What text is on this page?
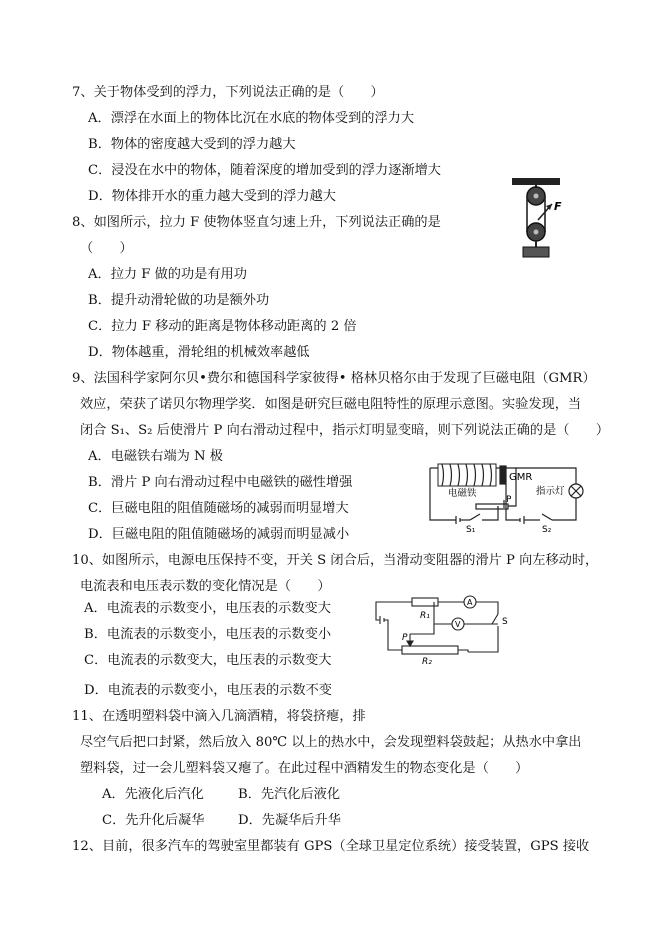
7、关于物体受到的浮力，下列说法正确的是（　　）
A．漂浮在水面上的物体比沉在水底的物体受到的浮力大
B．物体的密度越大受到的浮力越大
C．浸没在水中的物体，随着深度的增加受到的浮力逐渐增大
D．物体排开水的重力越大受到的浮力越大
8、如图所示，拉力 F 使物体竖直匀速上升，下列说法正确的是
（　　）
A．拉力 F 做的功是有用功
B．提升动滑轮做的功是额外功
C．拉力 F 移动的距离是物体移动距离的 2 倍
D．物体越重，滑轮组的机械效率越低
F
9、法国科学家阿尔贝•费尔和德国科学家彼得• 格林贝格尔由于发现了巨磁电阻（GMR）
效应，荣获了诺贝尔物理学奖．如图是研究巨磁电阻特性的原理示意图。实验发现，当
闭合 S₁、S₂ 后使滑片 P 向右滑动过程中，指示灯明显变暗，则下列说法正确的是（　　）
A．电磁铁右端为 N 极
B．滑片 P 向右滑动过程中电磁铁的磁性增强
C．巨磁电阻的阻值随磁场的减弱而明显增大
D．巨磁电阻的阻值随磁场的减弱而明显减小
GMR
电磁铁	指示灯
S₁	S₂
P
10、如图所示，电源电压保持不变，开关 S 闭合后，当滑动变阻器的滑片 P 向左移动时，
电流表和电压表示数的变化情况是（　　）
A．电流表的示数变小，电压表的示数变大
B．电流表的示数变小，电压表的示数变小
C．电流表的示数变大，电压表的示数变大
D．电流表的示数变小，电压表的示数不变
R₁
A
V	S
P
R₂
11、在透明塑料袋中滴入几滴酒精，将袋挤瘪，排
尽空气后把口封紧，然后放入 80℃ 以上的热水中，会发现塑料袋鼓起；从热水中拿出
塑料袋，过一会儿塑料袋又瘪了。在此过程中酒精发生的物态变化是（　　）
A．先液化后汽化	B．先汽化后液化
C．先升化后凝华	D．先凝华后升华
12、目前，很多汽车的驾驶室里都装有 GPS（全球卫星定位系统）接受装置，GPS 接收
